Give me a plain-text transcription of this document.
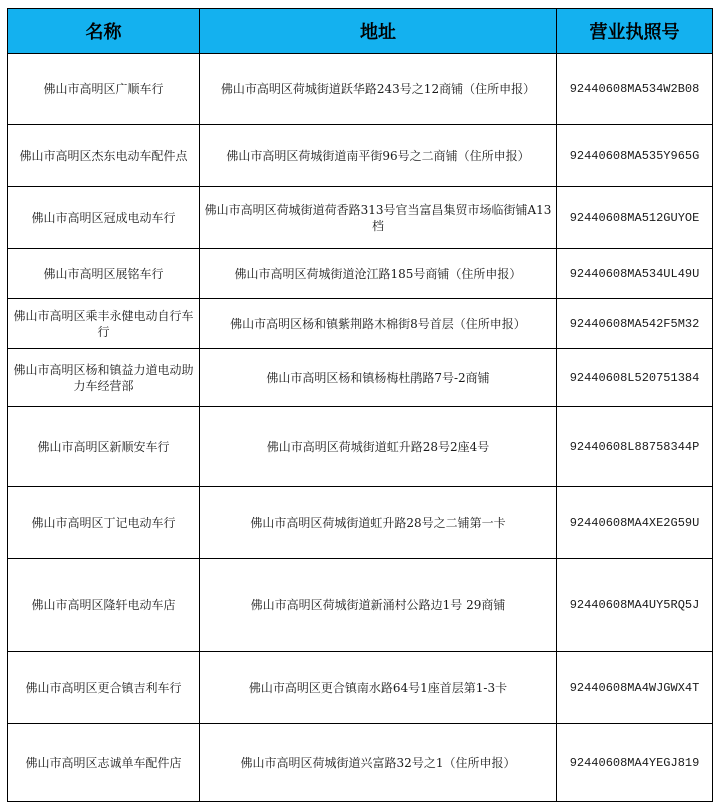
名称	地址	营业执照号
佛山市高明区广顺车行	佛山市高明区荷城街道跃华路243号之12商铺（住所申报）	92440608MA534W2B08
佛山市高明区杰东电动车配件点	佛山市高明区荷城街道南平街96号之二商铺（住所申报）	92440608MA535Y965G
佛山市高明区冠成电动车行	佛山市高明区荷城街道荷香路313号官当富昌集贸市场临街铺A13档	92440608MA512GUYOE
佛山市高明区展铭车行	佛山市高明区荷城街道沧江路185号商铺（住所申报）	92440608MA534UL49U
佛山市高明区乘丰永健电动自行车行	佛山市高明区杨和镇紫荆路木棉街8号首层（住所申报）	92440608MA542F5M32
佛山市高明区杨和镇益力道电动助力车经营部	佛山市高明区杨和镇杨梅杜鹃路7号-2商铺	92440608L520751384
佛山市高明区新顺安车行	佛山市高明区荷城街道虹升路28号2座4号	92440608L88758344P
佛山市高明区丁记电动车行	佛山市高明区荷城街道虹升路28号之二铺第一卡	92440608MA4XE2G59U
佛山市高明区隆轩电动车店	佛山市高明区荷城街道新涌村公路边1号 29商铺	92440608MA4UY5RQ5J
佛山市高明区更合镇吉利车行	佛山市高明区更合镇南水路64号1座首层第1-3卡	92440608MA4WJGWX4T
佛山市高明区志诚单车配件店	佛山市高明区荷城街道兴富路32号之1（住所申报）	92440608MA4YEGJ819
